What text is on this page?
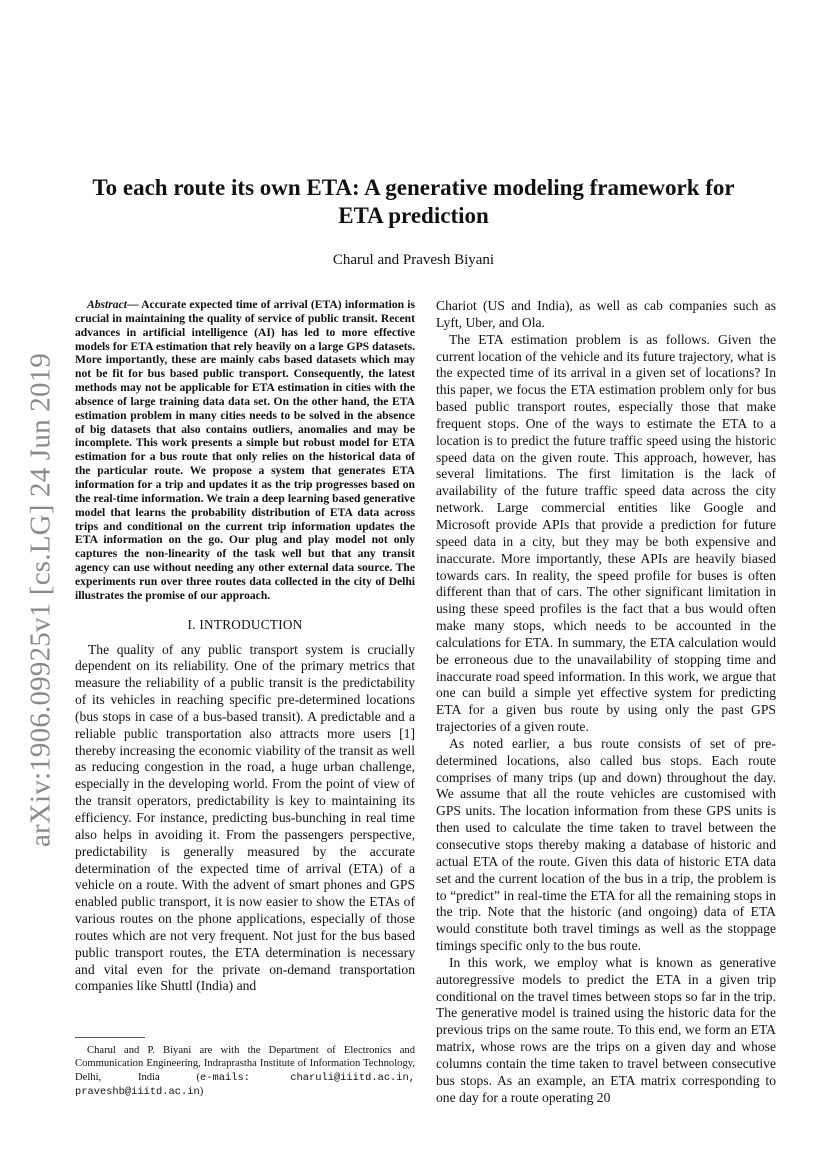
arXiv:1906.09925v1 [cs.LG] 24 Jun 2019
To each route its own ETA: A generative modeling framework for ETA prediction
Charul and Pravesh Biyani

Abstract— Accurate expected time of arrival (ETA) information is crucial in maintaining the quality of service of public transit. Recent advances in artificial intelligence (AI) has led to more effective models for ETA estimation that rely heavily on a large GPS datasets. More importantly, these are mainly cabs based datasets which may not be fit for bus based public transport. Consequently, the latest methods may not be applicable for ETA estimation in cities with the absence of large training data data set. On the other hand, the ETA estimation problem in many cities needs to be solved in the absence of big datasets that also contains outliers, anomalies and may be incomplete. This work presents a simple but robust model for ETA estimation for a bus route that only relies on the historical data of the particular route. We propose a system that generates ETA information for a trip and updates it as the trip progresses based on the real-time information. We train a deep learning based generative model that learns the probability distribution of ETA data across trips and conditional on the current trip information updates the ETA information on the go. Our plug and play model not only captures the non-linearity of the task well but that any transit agency can use without needing any other external data source. The experiments run over three routes data collected in the city of Delhi illustrates the promise of our approach.

I. INTRODUCTION

The quality of any public transport system is crucially dependent on its reliability. One of the primary metrics that measure the reliability of a public transit is the predictability of its vehicles in reaching specific pre-determined locations (bus stops in case of a bus-based transit). A predictable and a reliable public transportation also attracts more users [1] thereby increasing the economic viability of the transit as well as reducing congestion in the road, a huge urban challenge, especially in the developing world. From the point of view of the transit operators, predictability is key to maintaining its efficiency. For instance, predicting bus-bunching in real time also helps in avoiding it. From the passengers perspective, predictability is generally measured by the accurate determination of the expected time of arrival (ETA) of a vehicle on a route. With the advent of smart phones and GPS enabled public transport, it is now easier to show the ETAs of various routes on the phone applications, especially of those routes which are not very frequent. Not just for the bus based public transport routes, the ETA determination is necessary and vital even for the private on-demand transportation companies like Shuttl (India) and

Charul and P. Biyani are with the Department of Electronics and Communication Engineering, Indraprastha Institute of Information Technology, Delhi, India (e-mails: charuli@iiitd.ac.in, praveshb@iiitd.ac.in)

Chariot (US and India), as well as cab companies such as Lyft, Uber, and Ola.

The ETA estimation problem is as follows. Given the current location of the vehicle and its future trajectory, what is the expected time of its arrival in a given set of locations? In this paper, we focus the ETA estimation problem only for bus based public transport routes, especially those that make frequent stops. One of the ways to estimate the ETA to a location is to predict the future traffic speed using the historic speed data on the given route. This approach, however, has several limitations. The first limitation is the lack of availability of the future traffic speed data across the city network. Large commercial entities like Google and Microsoft provide APIs that provide a prediction for future speed data in a city, but they may be both expensive and inaccurate. More importantly, these APIs are heavily biased towards cars. In reality, the speed profile for buses is often different than that of cars. The other significant limitation in using these speed profiles is the fact that a bus would often make many stops, which needs to be accounted in the calculations for ETA. In summary, the ETA calculation would be erroneous due to the unavailability of stopping time and inaccurate road speed information. In this work, we argue that one can build a simple yet effective system for predicting ETA for a given bus route by using only the past GPS trajectories of a given route.

As noted earlier, a bus route consists of set of pre-determined locations, also called bus stops. Each route comprises of many trips (up and down) throughout the day. We assume that all the route vehicles are customised with GPS units. The location information from these GPS units is then used to calculate the time taken to travel between the consecutive stops thereby making a database of historic and actual ETA of the route. Given this data of historic ETA data set and the current location of the bus in a trip, the problem is to “predict” in real-time the ETA for all the remaining stops in the trip. Note that the historic (and ongoing) data of ETA would constitute both travel timings as well as the stoppage timings specific only to the bus route.

In this work, we employ what is known as generative autoregressive models to predict the ETA in a given trip conditional on the travel times between stops so far in the trip. The generative model is trained using the historic data for the previous trips on the same route. To this end, we form an ETA matrix, whose rows are the trips on a given day and whose columns contain the time taken to travel between consecutive bus stops. As an example, an ETA matrix corresponding to one day for a route operating 20
